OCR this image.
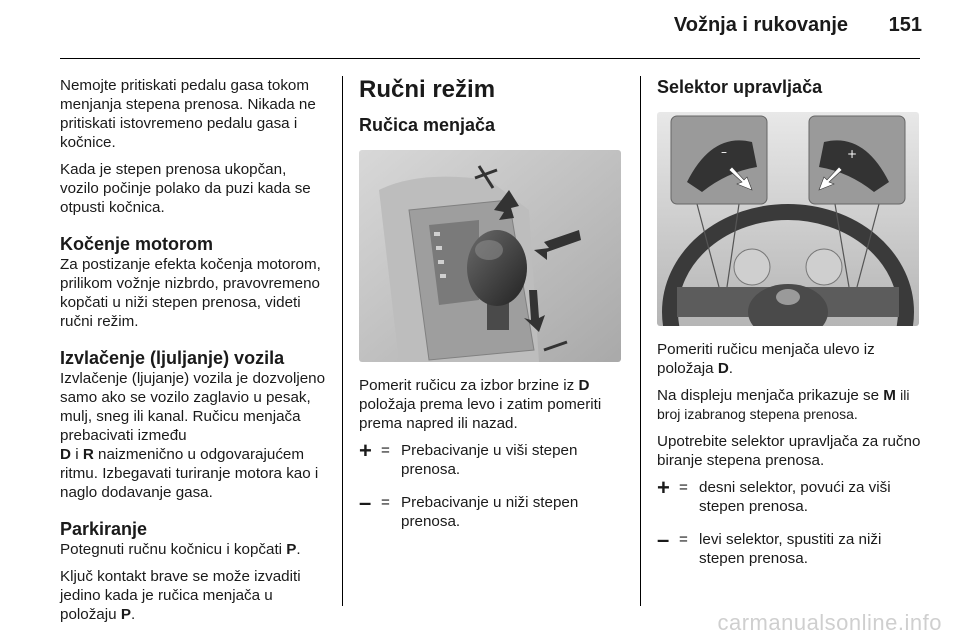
Vožnja i rukovanje 151

Nemojte pritiskati pedalu gasa tokom menjanja stepena prenosa. Nikada ne pritiskati istovremeno pedalu gasa i kočnice.

Kada je stepen prenosa ukopčan, vozilo počinje polako da puzi kada se otpusti kočnica.

Kočenje motorom

Za postizanje efekta kočenja motorom, prilikom vožnje nizbrdo, pravovremeno kopčati u niži stepen prenosa, videti ručni režim.

Izvlačenje (ljuljanje) vozila

Izvlačenje (ljujanje) vozila je dozvoljeno samo ako se vozilo zaglavio u pesak, mulj, sneg ili kanal. Ručicu menjača prebacivati između
D i R naizmenično u odgovarajućem ritmu. Izbegavati turiranje motora kao i naglo dodavanje gasa.

Parkiranje

Potegnuti ručnu kočnicu i kopčati P.

Ključ kontakt brave se može izvaditi jedino kada je ručica menjača u položaju P.

Ručni režim
Ručica menjača

Pomerit ručicu za izbor brzine iz D
položaja prema levo i zatim pomeriti prema napred ili nazad.

+ = Prebacivanje u viši stepen prenosa.
– = Prebacivanje u niži stepen prenosa.
Selektor upravljača
–	+

Pomeriti ručicu menjača ulevo iz položaja D.

Na displeju menjača prikazuje se M ili broj izabranog stepena prenosa.

Upotrebite selektor upravljača za ručno biranje stepena prenosa.

+ = desni selektor, povući za viši stepen prenosa.
– = levi selektor, spustiti za niži stepen prenosa.
carmanualsonline.info
